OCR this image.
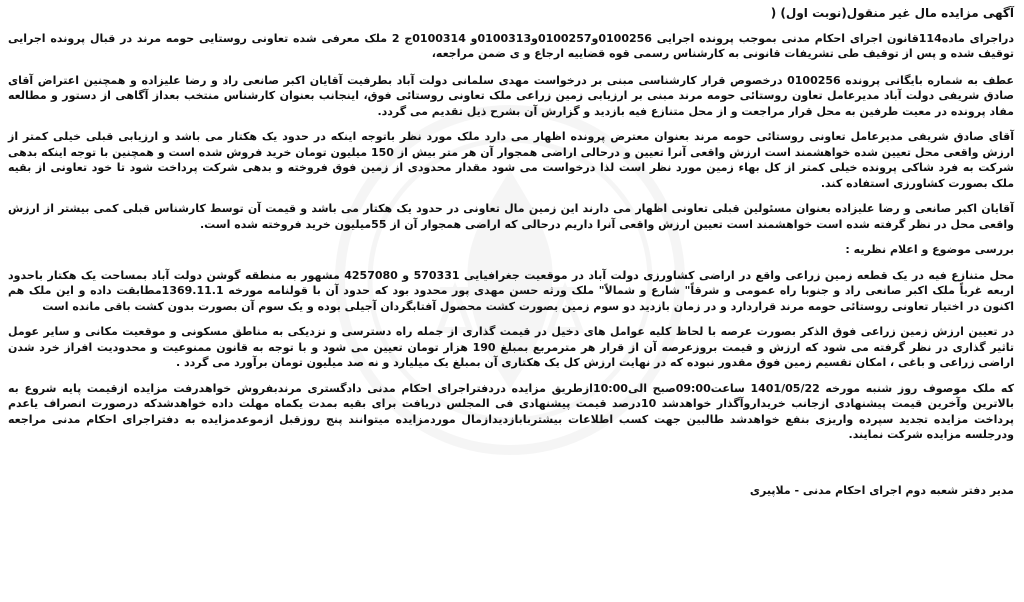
آگهی مزایده مال غیر منقول(نوبت اول) (
دراجرای ماده114قانون اجرای احکام مدنی بموجب پرونده اجرایی 0100256و0100257و0100313و 0100314ج 2 ملک معرفی شده تعاونی روستایی حومه مرند در قبال پرونده اجرایی توقیف شده و پس از توقیف طی تشریفات قانونی به کارشناس رسمی قوه قضاییه ارجاع و ی ضمن مراجعه،
عطف به شماره بایگانی پرونده 0100256 درخصوص قرار کارشناسی مبنی بر درخواست مهدی سلمانی دولت آباد بطرفیت آقایان اکبر صانعی راد و رضا علیزاده و همچنین اعتراض آقای صادق شریفی دولت آباد مدیرعامل تعاون روستائی حومه مرند مبنی بر ارزیابی زمین زراعی ملک تعاونی روستائی فوق، اینجانب بعنوان کارشناس منتخب بعداز آگاهی از دستور و مطالعه مفاد پرونده در معیت طرفین به محل قرار مراجعت و از محل متنازع فیه بازدید و گزارش آن بشرح ذیل تقدیم می گردد.
آقای صادق شریفی مدیرعامل تعاونی روستائی حومه مرند بعنوان معترض پرونده اظهار می دارد ملک مورد نظر باتوجه اینکه در حدود یک هکتار می باشد و ارزیابی قبلی خیلی کمتر از ارزش واقعی محل تعیین شده خواهشمند است ارزش واقعی آنرا تعیین و درحالی اراضی همجوار آن هر متر بیش از 150 میلیون تومان خرید فروش شده است و همچنین با توجه اینکه بدهی شرکت به فرد شاکی پرونده خیلی کمتر از کل بهاء زمین مورد نظر است لذا درخواست می شود مقدار محدودی از زمین فوق فروخته و بدهی شرکت پرداخت شود تا خود تعاونی از بقیه ملک بصورت کشاورزی استفاده کند.
آقایان اکبر صانعی و رضا علیزاده بعنوان مسئولین قبلی تعاونی اظهار می دارند این زمین مال تعاونی در حدود یک هکتار می باشد و قیمت آن توسط کارشناس قبلی کمی بیشتر از ارزش واقعی محل در نظر گرفته شده است خواهشمند است تعیین ارزش واقعی آنرا داریم درحالی که اراضی همجوار آن از 55میلیون خرید فروخته شده است.
بررسی موضوع و اعلام نظریه :
محل متنازع فیه در یک قطعه زمین زراعی واقع در اراضی کشاورزی دولت آباد در موقعیت جغرافیایی 570331 و 4257080 مشهور به منطقه گوشن دولت آباد بمساحت یک هکتار باحدود اربعه غرباً ملک اکبر صانعی راد و جنوبا راه عمومی و شرقاً" شارع و شمالاً" ملک ورثه حسن مهدی پور محدود بود که حدود آن با قولنامه مورخه 1369.11.1مطابقت داده و این ملک هم اکنون در اختیار تعاونی روستائی حومه مرند قراردارد و در زمان بازدید دو سوم زمین بصورت کشت محصول آفتابگردان آجیلی بوده و یک سوم آن بصورت بدون کشت باقی مانده است
در تعیین ارزش زمین زراعی فوق الذکر بصورت عرصه با لحاظ کلیه عوامل های دخیل در قیمت گذاری از جمله راه دسترسی و نزدیکی به مناطق مسکونی و موقعیت مکانی و سایر عومل تاثیر گذاری در نظر گرفته می شود که ارزش و قیمت بروزعرصه آن از قرار هر مترمربع بمبلغ 190 هزار تومان تعیین می شود و با توجه به قانون ممنوعیت و محدودیت افراز خرد شدن اراضی زراعی و باغی ، امکان تقسیم زمین فوق مقدور نبوده که در نهایت ارزش کل یک هکتاری آن بمبلغ یک میلیارد و نه صد میلیون تومان برآورد می گردد .
که ملک موصوف روز شنبه مورخه 1401/05/22 ساعت09:00صبح الی10:00ازطریق مزایده دردفتراجرای احکام مدنی دادگستری مرندبفروش خواهدرفت مزایده ازقیمت پایه شروع به بالاترین وآخرین قیمت پیشنهادی ازجانب خریداروآگذار خواهدشد 10درصد قیمت پیشنهادی فی المجلس دریافت برای بقیه بمدت یکماه مهلت داده خواهدشدکه درصورت انصراف یاعدم پرداخت مزایده تجدید سپرده واریزی بنفع خواهدشد طالبین جهت کسب اطلاعات بیشتربابازدیدازمال موردمزایده میتوانند پنج روزقبل ازموعدمزایده به دفتراجرای احکام مدنی مراجعه ودرجلسه مزایده شرکت نمایند.
مدیر دفتر شعبه دوم اجرای احکام مدنی - ملاپیری
